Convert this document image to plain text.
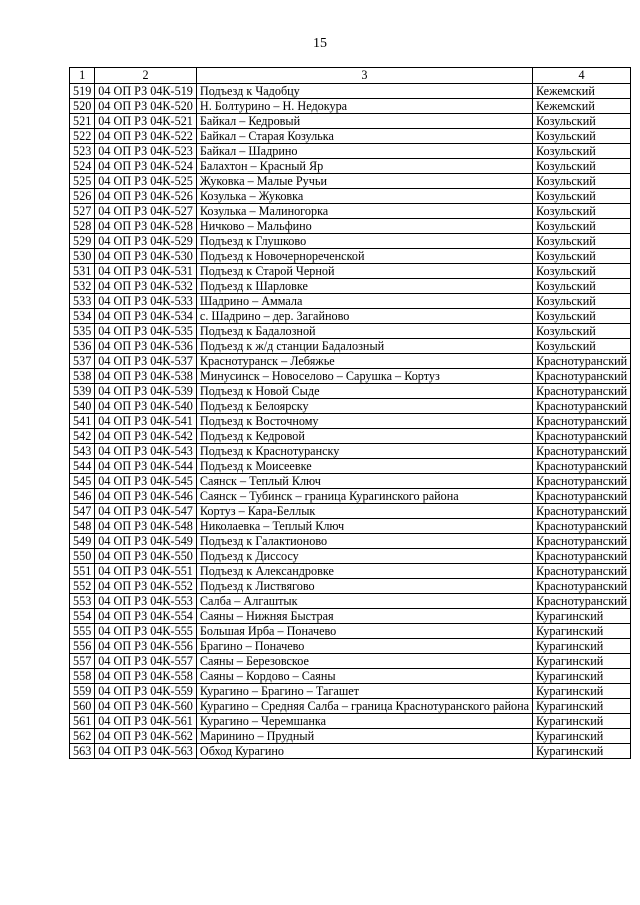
15
1	2	3	4
519	04 ОП РЗ 04К-519	Подъезд к Чадобцу	Кежемский
520	04 ОП РЗ 04К-520	Н. Болтурино – Н. Недокура	Кежемский
521	04 ОП РЗ 04К-521	Байкал – Кедровый	Козульский
522	04 ОП РЗ 04К-522	Байкал – Старая Козулька	Козульский
523	04 ОП РЗ 04К-523	Байкал – Шадрино	Козульский
524	04 ОП РЗ 04К-524	Балахтон – Красный Яр	Козульский
525	04 ОП РЗ 04К-525	Жуковка – Малые Ручьи	Козульский
526	04 ОП РЗ 04К-526	Козулька – Жуковка	Козульский
527	04 ОП РЗ 04К-527	Козулька – Малиногорка	Козульский
528	04 ОП РЗ 04К-528	Ничково – Мальфино	Козульский
529	04 ОП РЗ 04К-529	Подъезд к Глушково	Козульский
530	04 ОП РЗ 04К-530	Подъезд к Новочернореченской	Козульский
531	04 ОП РЗ 04К-531	Подъезд к Старой Черной	Козульский
532	04 ОП РЗ 04К-532	Подъезд к Шарловке	Козульский
533	04 ОП РЗ 04К-533	Шадрино – Аммала	Козульский
534	04 ОП РЗ 04К-534	с. Шадрино – дер. Загайново	Козульский
535	04 ОП РЗ 04К-535	Подъезд к Бадалозной	Козульский
536	04 ОП РЗ 04К-536	Подъезд к ж/д станции Бадалозный	Козульский
537	04 ОП РЗ 04К-537	Краснотуранск – Лебяжье	Краснотуранский
538	04 ОП РЗ 04К-538	Минусинск – Новоселово – Сарушка – Кортуз	Краснотуранский
539	04 ОП РЗ 04К-539	Подъезд к Новой Сыде	Краснотуранский
540	04 ОП РЗ 04К-540	Подъезд к Белоярску	Краснотуранский
541	04 ОП РЗ 04К-541	Подъезд к Восточному	Краснотуранский
542	04 ОП РЗ 04К-542	Подъезд к Кедровой	Краснотуранский
543	04 ОП РЗ 04К-543	Подъезд к Краснотуранску	Краснотуранский
544	04 ОП РЗ 04К-544	Подъезд к Моисеевке	Краснотуранский
545	04 ОП РЗ 04К-545	Саянск – Теплый Ключ	Краснотуранский
546	04 ОП РЗ 04К-546	Саянск – Тубинск – граница Курагинского района	Краснотуранский
547	04 ОП РЗ 04К-547	Кортуз – Кара-Беллык	Краснотуранский
548	04 ОП РЗ 04К-548	Николаевка – Теплый Ключ	Краснотуранский
549	04 ОП РЗ 04К-549	Подъезд к Галактионово	Краснотуранский
550	04 ОП РЗ 04К-550	Подъезд к Диссосу	Краснотуранский
551	04 ОП РЗ 04К-551	Подъезд к Александровке	Краснотуранский
552	04 ОП РЗ 04К-552	Подъезд к Листвягово	Краснотуранский
553	04 ОП РЗ 04К-553	Салба – Алгаштык	Краснотуранский
554	04 ОП РЗ 04К-554	Саяны – Нижняя Быстрая	Курагинский
555	04 ОП РЗ 04К-555	Большая Ирба – Поначево	Курагинский
556	04 ОП РЗ 04К-556	Брагино – Поначево	Курагинский
557	04 ОП РЗ 04К-557	Саяны – Березовское	Курагинский
558	04 ОП РЗ 04К-558	Саяны – Кордово – Саяны	Курагинский
559	04 ОП РЗ 04К-559	Курагино – Брагино – Тагашет	Курагинский
560	04 ОП РЗ 04К-560	Курагино – Средняя Салба – граница Краснотуранского района	Курагинский
561	04 ОП РЗ 04К-561	Курагино – Черемшанка	Курагинский
562	04 ОП РЗ 04К-562	Маринино – Прудный	Курагинский
563	04 ОП РЗ 04К-563	Обход Курагино	Курагинский
